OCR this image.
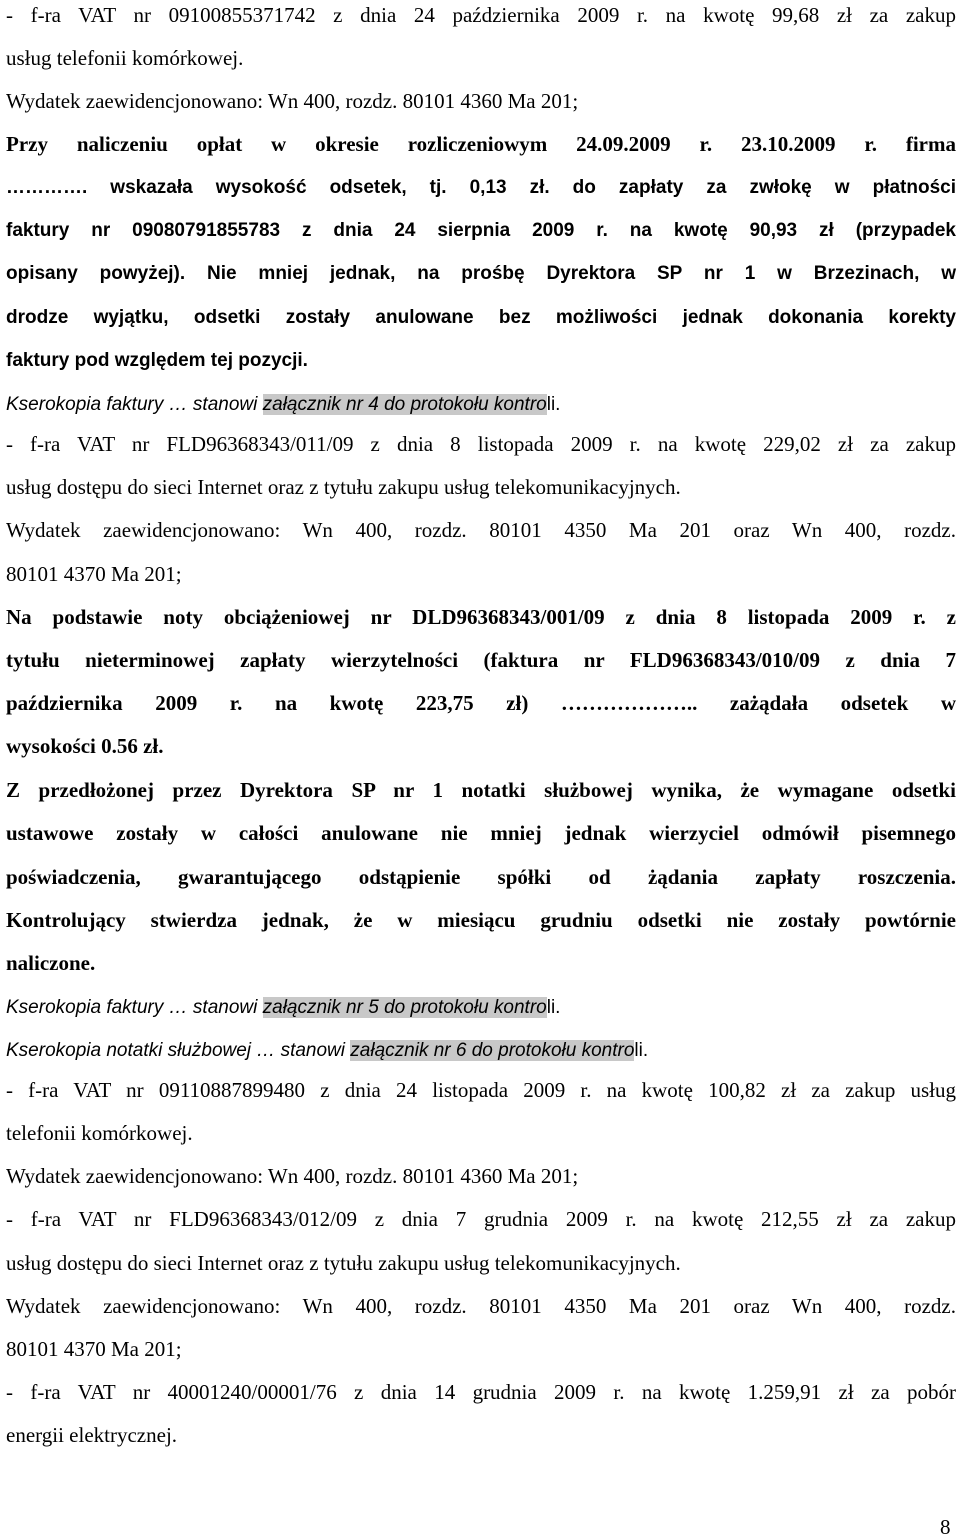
- f-ra VAT nr 09100855371742 z dnia 24 października 2009 r. na kwotę 99,68 zł za zakup

usług telefonii komórkowej.

Wydatek zaewidencjonowano: Wn 400, rozdz. 80101 4360 Ma 201;

Przy naliczeniu opłat w okresie rozliczeniowym 24.09.2009 r. 23.10.2009 r. firma

…………. wskazała wysokość odsetek, tj. 0,13 zł. do zapłaty za zwłokę w płatności

faktury nr 09080791855783 z dnia 24 sierpnia 2009 r. na kwotę 90,93 zł (przypadek

opisany powyżej). Nie mniej jednak, na prośbę Dyrektora SP nr 1 w Brzezinach, w

drodze wyjątku, odsetki zostały anulowane bez możliwości jednak dokonania korekty

faktury pod względem tej pozycji.

Kserokopia faktury … stanowi załącznik nr 4 do protokołu kontroli.

- f-ra VAT nr FLD96368343/011/09 z dnia 8 listopada 2009 r. na kwotę 229,02 zł za zakup

usług dostępu do sieci Internet oraz z tytułu zakupu usług telekomunikacyjnych.

Wydatek zaewidencjonowano: Wn 400, rozdz. 80101 4350 Ma 201 oraz Wn 400, rozdz.

80101 4370 Ma 201;

Na podstawie noty obciążeniowej nr DLD96368343/001/09 z dnia 8 listopada 2009 r. z

tytułu nieterminowej zapłaty wierzytelności (faktura nr FLD96368343/010/09 z dnia 7

października 2009 r. na kwotę 223,75 zł) ……………….. zażądała odsetek w

wysokości 0.56 zł.

Z przedłożonej przez Dyrektora SP nr 1 notatki służbowej wynika, że wymagane odsetki

ustawowe zostały w całości anulowane nie mniej jednak wierzyciel odmówił pisemnego

poświadczenia, gwarantującego odstąpienie spółki od żądania zapłaty roszczenia.

Kontrolujący stwierdza jednak, że w miesiącu grudniu odsetki nie zostały powtórnie

naliczone.

Kserokopia faktury … stanowi załącznik nr 5 do protokołu kontroli.

Kserokopia notatki służbowej … stanowi załącznik nr 6 do protokołu kontroli.

- f-ra VAT nr 09110887899480 z dnia 24 listopada 2009 r. na kwotę 100,82 zł za zakup usług

telefonii komórkowej.

Wydatek zaewidencjonowano: Wn 400, rozdz. 80101 4360 Ma 201;

- f-ra VAT nr FLD96368343/012/09 z dnia 7 grudnia 2009 r. na kwotę 212,55 zł za zakup

usług dostępu do sieci Internet oraz z tytułu zakupu usług telekomunikacyjnych.

Wydatek zaewidencjonowano: Wn 400, rozdz. 80101 4350 Ma 201 oraz Wn 400, rozdz.

80101 4370 Ma 201;

- f-ra VAT nr 40001240/00001/76 z dnia 14 grudnia 2009 r. na kwotę 1.259,91 zł za pobór

energii elektrycznej.

8
